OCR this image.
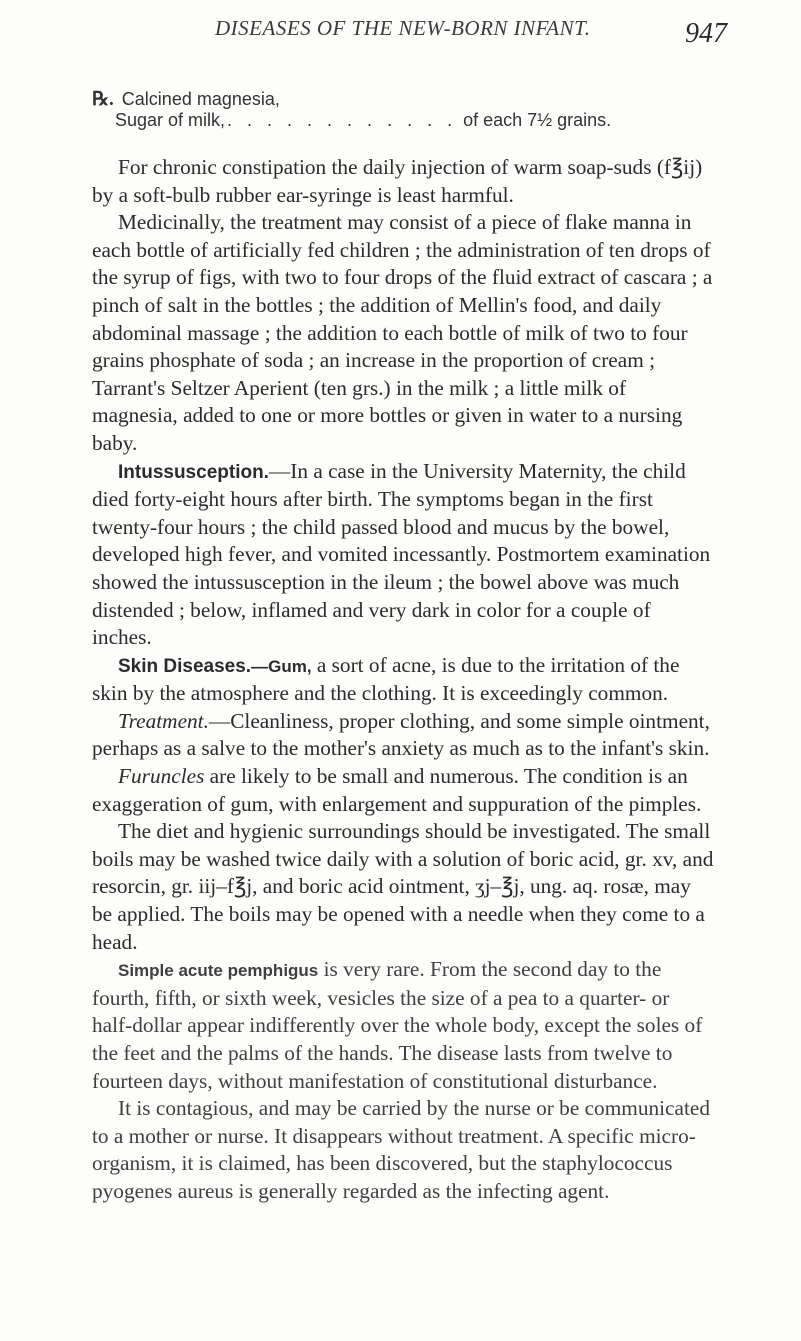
DISEASES OF THE NEW-BORN INFANT.	947
℞. Calcined magnesia,
Sugar of milk, . . . . . . . . . . . . of each 7½ grains.

For chronic constipation the daily injection of warm soap-suds (f℥ij) by a soft-bulb rubber ear-syringe is least harmful.

Medicinally, the treatment may consist of a piece of flake manna in each bottle of artificially fed children ; the administration of ten drops of the syrup of figs, with two to four drops of the fluid extract of cascara ; a pinch of salt in the bottles ; the addition of Mellin's food, and daily abdominal massage ; the addition to each bottle of milk of two to four grains phosphate of soda ; an increase in the proportion of cream ; Tarrant's Seltzer Aperient (ten grs.) in the milk ; a little milk of magnesia, added to one or more bottles or given in water to a nursing baby.

Intussusception.—In a case in the University Maternity, the child died forty-eight hours after birth. The symptoms began in the first twenty-four hours ; the child passed blood and mucus by the bowel, developed high fever, and vomited incessantly. Postmortem examination showed the intussusception in the ileum ; the bowel above was much distended ; below, inflamed and very dark in color for a couple of inches.

Skin Diseases.—Gum, a sort of acne, is due to the irritation of the skin by the atmosphere and the clothing. It is exceedingly common.

Treatment.—Cleanliness, proper clothing, and some simple ointment, perhaps as a salve to the mother's anxiety as much as to the infant's skin.

Furuncles are likely to be small and numerous. The condition is an exaggeration of gum, with enlargement and suppuration of the pimples.

The diet and hygienic surroundings should be investigated. The small boils may be washed twice daily with a solution of boric acid, gr. xv, and resorcin, gr. iij–f℥j, and boric acid ointment, ʒj–℥j, ung. aq. rosæ, may be applied. The boils may be opened with a needle when they come to a head.

Simple acute pemphigus is very rare. From the second day to the fourth, fifth, or sixth week, vesicles the size of a pea to a quarter- or half-dollar appear indifferently over the whole body, except the soles of the feet and the palms of the hands. The disease lasts from twelve to fourteen days, without manifestation of constitutional disturbance.

It is contagious, and may be carried by the nurse or be communicated to a mother or nurse. It disappears without treatment. A specific micro-organism, it is claimed, has been discovered, but the staphylococcus pyogenes aureus is generally regarded as the infecting agent.
